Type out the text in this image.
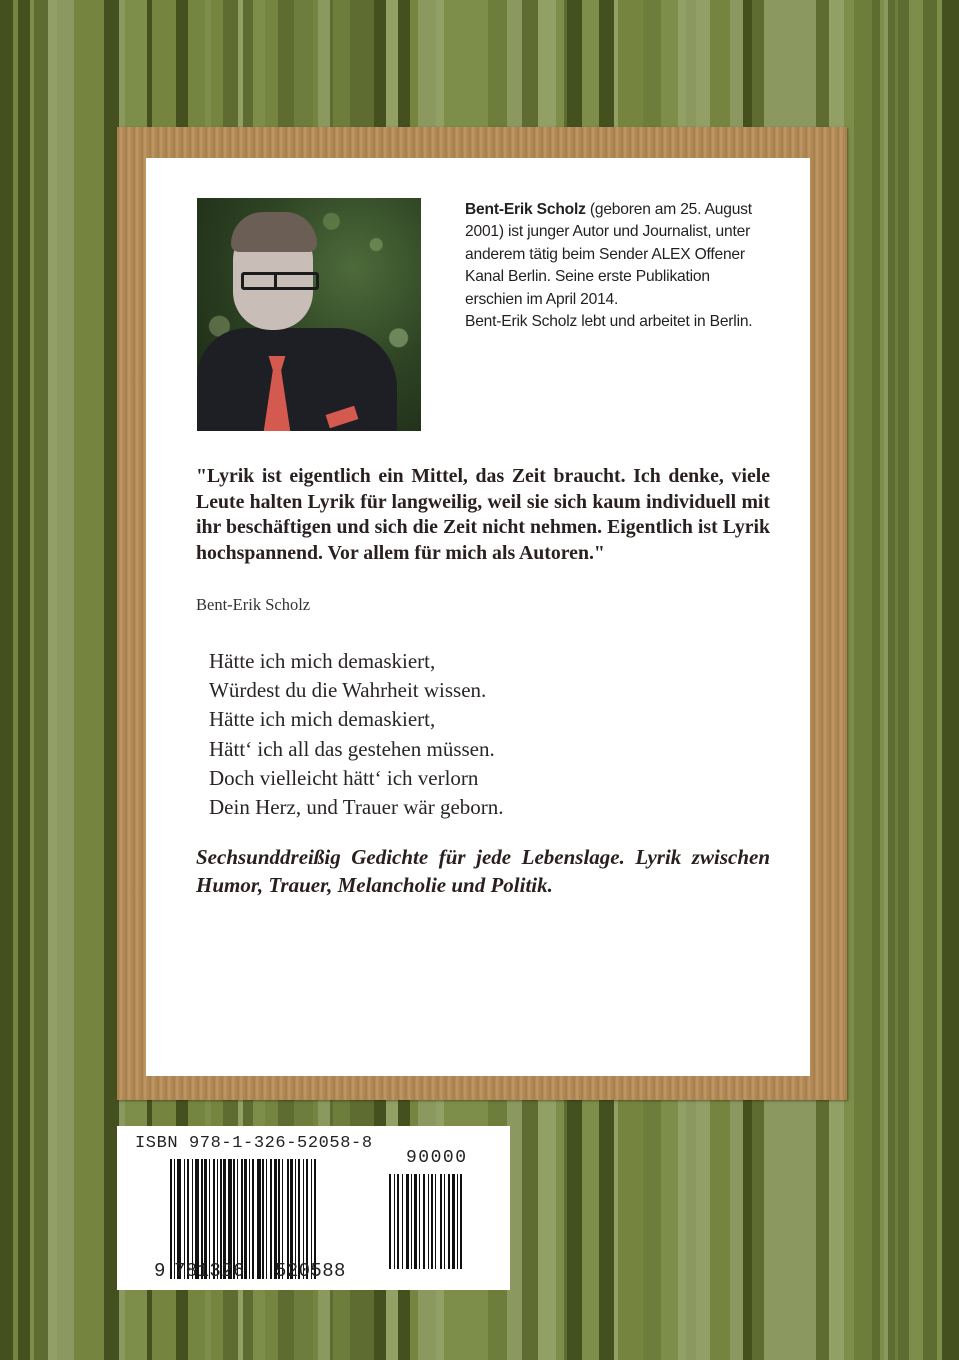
Bent-Erik Scholz (geboren am 25. August 2001) ist junger Autor und Journalist, unter anderem tätig beim Sender ALEX Offener Kanal Berlin. Seine erste Publikation erschien im April 2014.
Bent-Erik Scholz lebt und arbeitet in Berlin.
"Lyrik ist eigentlich ein Mittel, das Zeit braucht. Ich denke, viele Leute halten Lyrik für langweilig, weil sie sich kaum individuell mit ihr beschäftigen und sich die Zeit nicht nehmen. Eigentlich ist Lyrik hochspannend. Vor allem für mich als Autoren."
Bent-Erik Scholz
Hätte ich mich demaskiert,
Würdest du die Wahrheit wissen.
Hätte ich mich demaskiert,
Hätt‘ ich all das gestehen müssen.
Doch vielleicht hätt‘ ich verlorn
Dein Herz, und Trauer wär geborn.
Sechsunddreißig Gedichte für jede Lebenslage. Lyrik zwischen Humor, Trauer, Melancholie und Politik.
ISBN 978-1-326-52058-8
90000
9 781326	520588
